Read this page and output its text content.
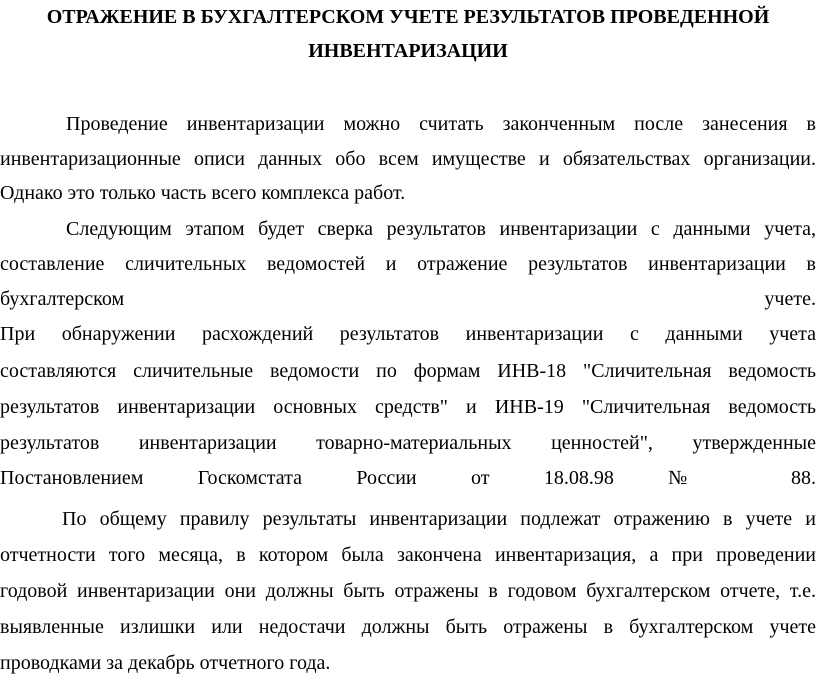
ОТРАЖЕНИЕ В БУХГАЛТЕРСКОМ УЧЕТЕ РЕЗУЛЬТАТОВ ПРОВЕДЕННОЙ
ИНВЕНТАРИЗАЦИИ

Проведение инвентаризации можно считать законченным после занесения в

инвентаризационные описи данных обо всем имуществе и обязательствах организации.

Однако это только часть всего комплекса работ.

Следующим этапом будет сверка результатов инвентаризации с данными учета,

составление сличительных ведомостей и отражение результатов инвентаризации в

бухгалтерском учете.

При обнаружении расхождений результатов инвентаризации с данными учета

составляются сличительные ведомости по формам ИНВ-18 "Сличительная ведомость

результатов инвентаризации основных средств" и ИНВ-19 "Сличительная ведомость

результатов инвентаризации товарно-материальных ценностей", утвержденные

Постановлением Госкомстата России от 18.08.98 № 88.

По общему правилу результаты инвентаризации подлежат отражению в учете и

отчетности того месяца, в котором была закончена инвентаризация, а при проведении

годовой инвентаризации они должны быть отражены в годовом бухгалтерском отчете, т.е.

выявленные излишки или недостачи должны быть отражены в бухгалтерском учете

проводками за декабрь отчетного года.
